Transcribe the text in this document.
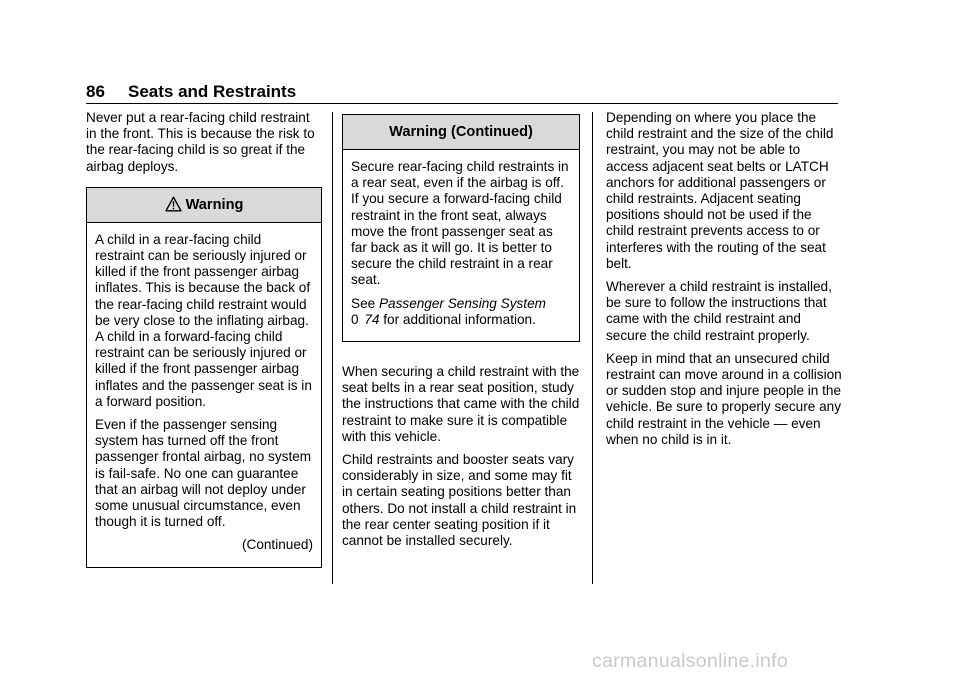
86 Seats and Restraints

Never put a rear-facing child restraint in the front. This is because the risk to the rear-facing child is so great if the airbag deploys.

Warning

A child in a rear-facing child restraint can be seriously injured or killed if the front passenger airbag inflates. This is because the back of the rear-facing child restraint would be very close to the inflating airbag. A child in a forward-facing child restraint can be seriously injured or killed if the front passenger airbag inflates and the passenger seat is in a forward position.

Even if the passenger sensing system has turned off the front passenger frontal airbag, no system is fail-safe. No one can guarantee that an airbag will not deploy under some unusual circumstance, even though it is turned off.

(Continued)

Warning (Continued)

Secure rear-facing child restraints in a rear seat, even if the airbag is off. If you secure a forward-facing child restraint in the front seat, always move the front passenger seat as far back as it will go. It is better to secure the child restraint in a rear seat.

See Passenger Sensing System
0 74 for additional information.

When securing a child restraint with the seat belts in a rear seat position, study the instructions that came with the child restraint to make sure it is compatible with this vehicle.

Child restraints and booster seats vary considerably in size, and some may fit in certain seating positions better than others. Do not install a child restraint in the rear center seating position if it cannot be installed securely.

Depending on where you place the child restraint and the size of the child restraint, you may not be able to access adjacent seat belts or LATCH anchors for additional passengers or child restraints. Adjacent seating positions should not be used if the child restraint prevents access to or interferes with the routing of the seat belt.

Wherever a child restraint is installed, be sure to follow the instructions that came with the child restraint and secure the child restraint properly.

Keep in mind that an unsecured child restraint can move around in a collision or sudden stop and injure people in the vehicle. Be sure to properly secure any child restraint in the vehicle — even when no child is in it.

carmanualsonline.info
